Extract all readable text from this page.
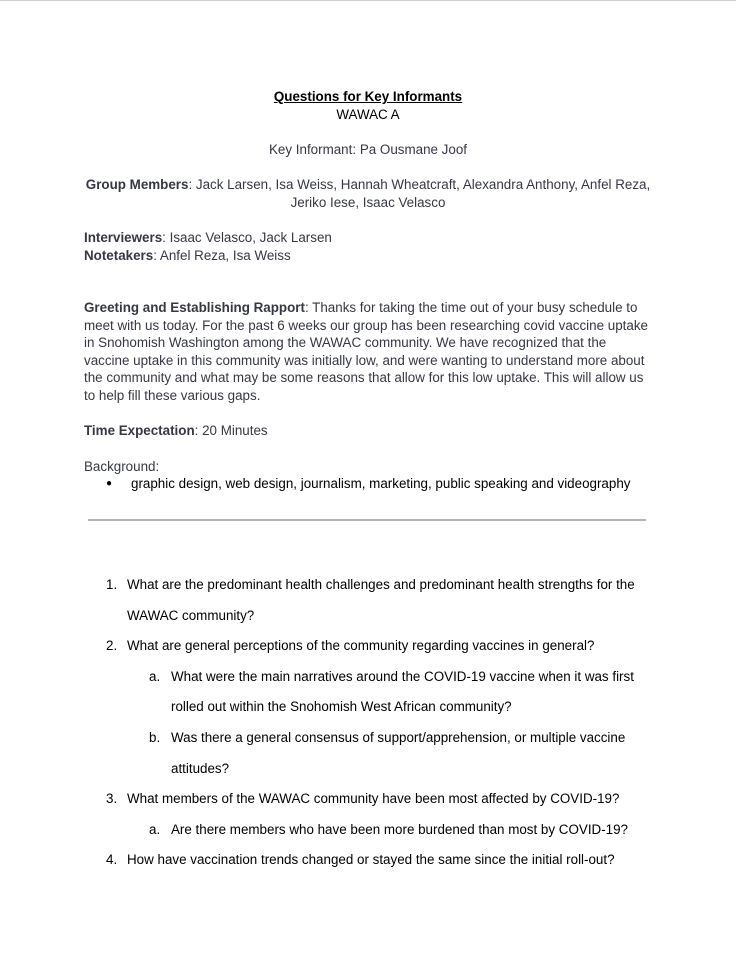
Questions for Key Informants
WAWAC A
Key Informant: Pa Ousmane Joof
Group Members: Jack Larsen, Isa Weiss, Hannah Wheatcraft, Alexandra Anthony, Anfel Reza,
Jeriko Iese, Isaac Velasco
Interviewers: Isaac Velasco, Jack Larsen
Notetakers: Anfel Reza, Isa Weiss
Greeting and Establishing Rapport: Thanks for taking the time out of your busy schedule to
meet with us today. For the past 6 weeks our group has been researching covid vaccine uptake
in Snohomish Washington among the WAWAC community. We have recognized that the
vaccine uptake in this community was initially low, and were wanting to understand more about
the community and what may be some reasons that allow for this low uptake. This will allow us
to help fill these various gaps.
Time Expectation: 20 Minutes
Background:
● graphic design, web design, journalism, marketing, public speaking and videography
1. What are the predominant health challenges and predominant health strengths for the
WAWAC community?
2. What are general perceptions of the community regarding vaccines in general?
a. What were the main narratives around the COVID-19 vaccine when it was first
rolled out within the Snohomish West African community?
b. Was there a general consensus of support/apprehension, or multiple vaccine
attitudes?
3. What members of the WAWAC community have been most affected by COVID-19?
a. Are there members who have been more burdened than most by COVID-19?
4. How have vaccination trends changed or stayed the same since the initial roll-out?
